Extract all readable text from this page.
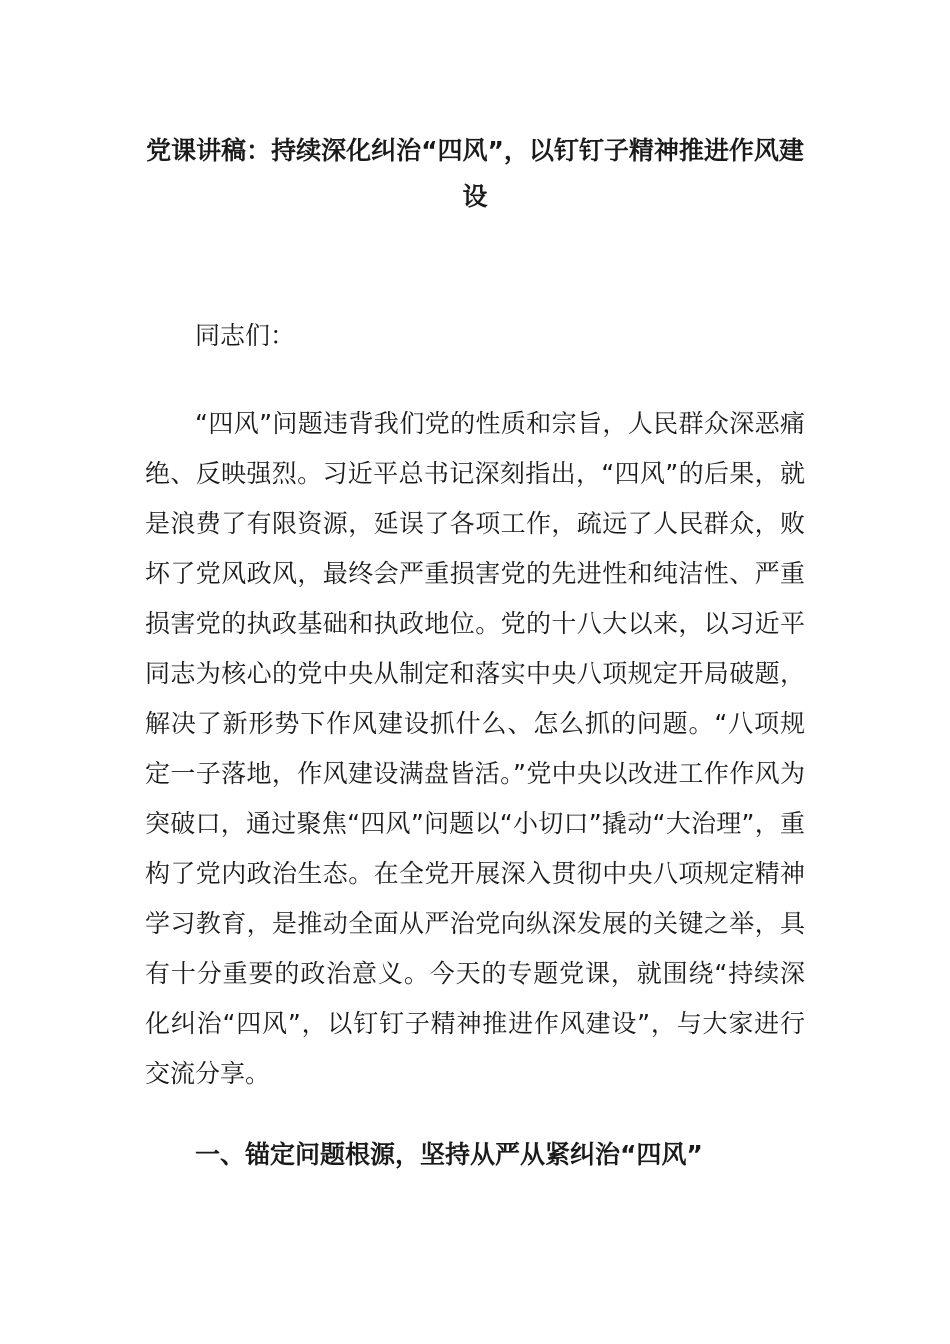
党课讲稿：持续深化纠治“四风”，以钉钉子精神推进作风建设

同志们：

“四风”问题违背我们党的性质和宗旨，人民群众深恶痛绝、反映强烈。习近平总书记深刻指出，“四风”的后果，就是浪费了有限资源，延误了各项工作，疏远了人民群众，败坏了党风政风，最终会严重损害党的先进性和纯洁性、严重损害党的执政基础和执政地位。党的十八大以来，以习近平同志为核心的党中央从制定和落实中央八项规定开局破题，解决了新形势下作风建设抓什么、怎么抓的问题。“八项规定一子落地，作风建设满盘皆活。”党中央以改进工作作风为突破口，通过聚焦“四风”问题以“小切口”撬动“大治理”，重构了党内政治生态。在全党开展深入贯彻中央八项规定精神学习教育，是推动全面从严治党向纵深发展的关键之举，具有十分重要的政治意义。今天的专题党课，就围绕“持续深化纠治“四风”，以钉钉子精神推进作风建设”，与大家进行交流分享。

一、锚定问题根源，坚持从严从紧纠治“四风”
